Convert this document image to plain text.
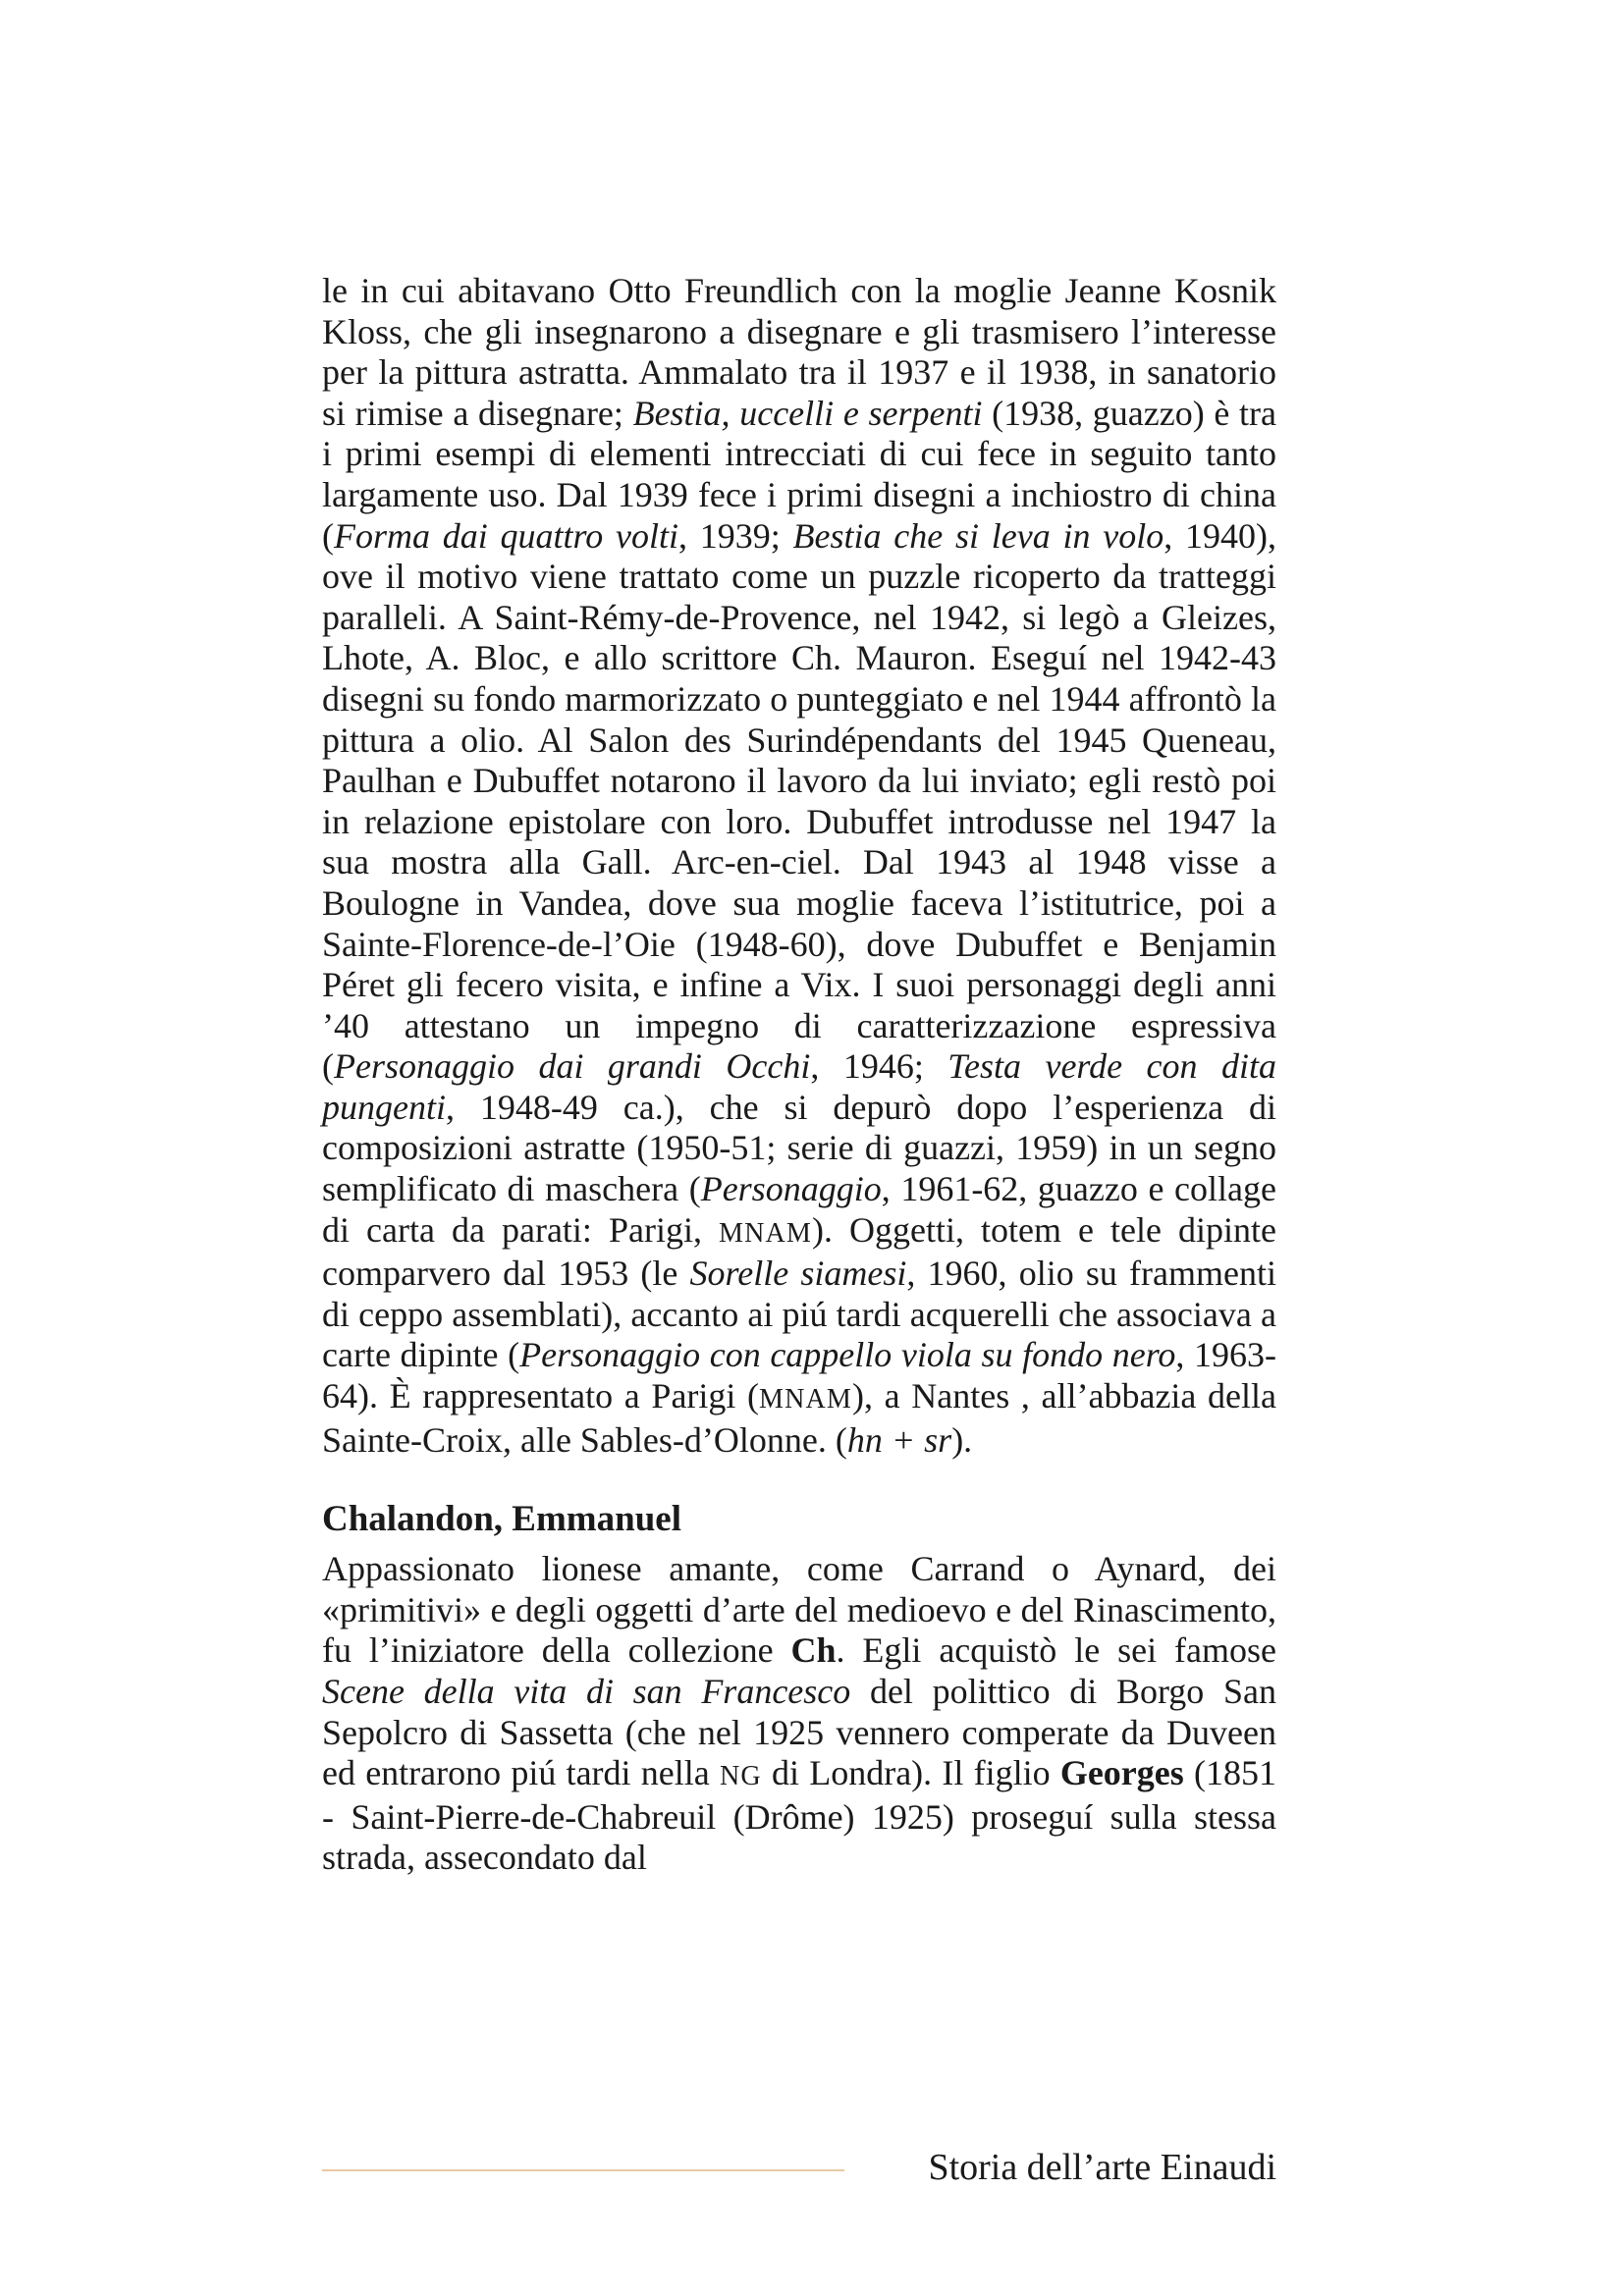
le in cui abitavano Otto Freundlich con la moglie Jeanne Kosnik Kloss, che gli insegnarono a disegnare e gli trasmisero l’interesse per la pittura astratta. Ammalato tra il 1937 e il 1938, in sanatorio si rimise a disegnare; Bestia, uccelli e serpenti (1938, guazzo) è tra i primi esempi di elementi intrecciati di cui fece in seguito tanto largamente uso. Dal 1939 fece i primi disegni a inchiostro di china (Forma dai quattro volti, 1939; Bestia che si leva in volo, 1940), ove il motivo viene trattato come un puzzle ricoperto da tratteggi paralleli. A Saint-Rémy-de-Provence, nel 1942, si legò a Gleizes, Lhote, A. Bloc, e allo scrittore Ch. Mauron. Eseguí nel 1942-43 disegni su fondo marmorizzato o punteggiato e nel 1944 affrontò la pittura a olio. Al Salon des Surindépendants del 1945 Queneau, Paulhan e Dubuffet notarono il lavoro da lui inviato; egli restò poi in relazione epistolare con loro. Dubuffet introdusse nel 1947 la sua mostra alla Gall. Arc-en-ciel. Dal 1943 al 1948 visse a Boulogne in Vandea, dove sua moglie faceva l’istitutrice, poi a Sainte-Florence-de-l’Oie (1948-60), dove Dubuffet e Benjamin Péret gli fecero visita, e infine a Vix. I suoi personaggi degli anni ’40 attestano un impegno di caratterizzazione espressiva (Personaggio dai grandi Occhi, 1946; Testa verde con dita pungenti, 1948-49 ca.), che si depurò dopo l’esperienza di composizioni astratte (1950-51; serie di guazzi, 1959) in un segno semplificato di maschera (Personaggio, 1961-62, guazzo e collage di carta da parati: Parigi, MNAM). Oggetti, totem e tele dipinte comparvero dal 1953 (le Sorelle siamesi, 1960, olio su frammenti di ceppo assemblati), accanto ai piú tardi acquerelli che associava a carte dipinte (Personaggio con cappello viola su fondo nero, 1963-64). È rappresentato a Parigi (MNAM), a Nantes , all’abbazia della Sainte-Croix, alle Sables-d’Olonne. (hn + sr).

Chalandon, Emmanuel

Appassionato lionese amante, come Carrand o Aynard, dei «primitivi» e degli oggetti d’arte del medioevo e del Rinascimento, fu l’iniziatore della collezione Ch. Egli acquistò le sei famose Scene della vita di san Francesco del polittico di Borgo San Sepolcro di Sassetta (che nel 1925 vennero comperate da Duveen ed entrarono piú tardi nella NG di Londra). Il figlio Georges (1851 - Saint-Pierre-de-Chabreuil (Drôme) 1925) proseguí sulla stessa strada, assecondato dal

Storia dell’arte Einaudi
